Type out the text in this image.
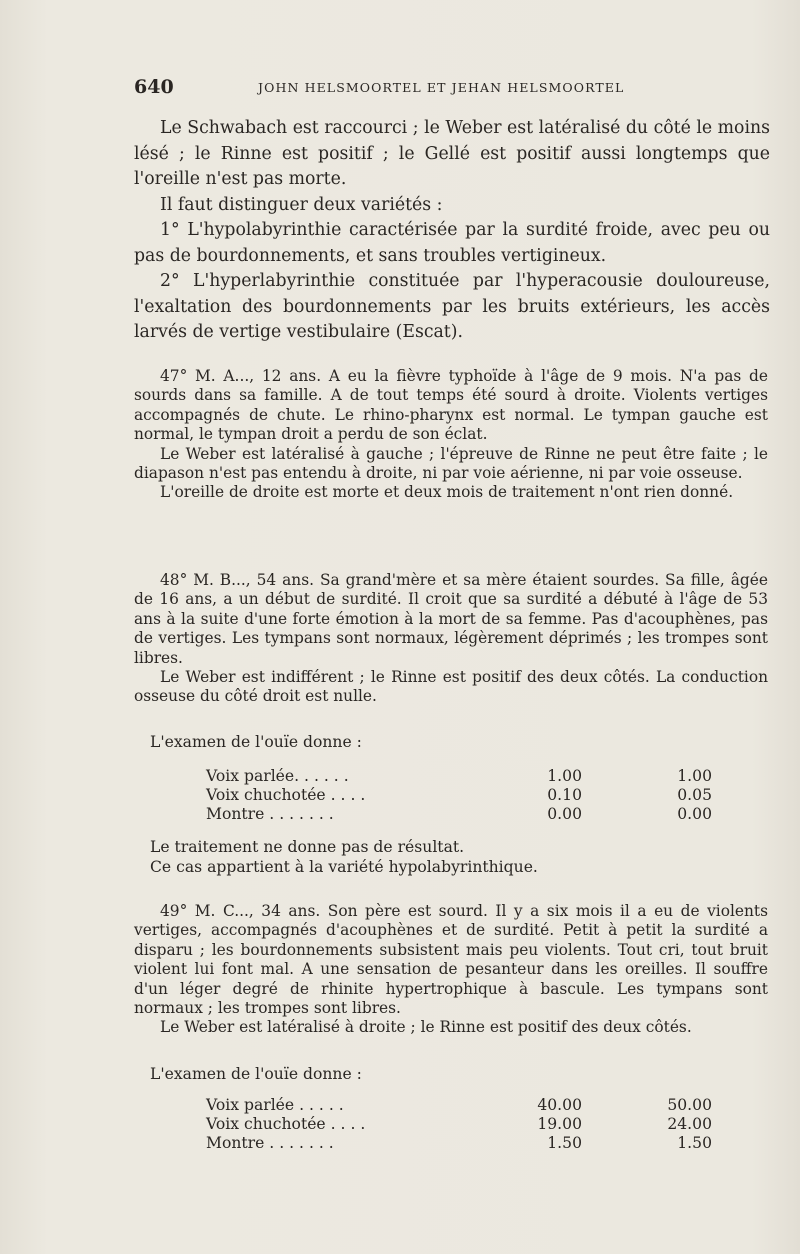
640	JOHN HELSMOORTEL ET JEHAN HELSMOORTEL

Le Schwabach est raccourci ; le Weber est latéralisé du côté le moins lésé ; le Rinne est positif ; le Gellé est positif aussi longtemps que l'oreille n'est pas morte.

Il faut distinguer deux variétés :

1° L'hypolabyrinthie caractérisée par la surdité froide, avec peu ou pas de bourdonnements, et sans troubles vertigineux.

2° L'hyperlabyrinthie constituée par l'hyperacousie douloureuse, l'exaltation des bourdonnements par les bruits extérieurs, les accès larvés de vertige vestibulaire (Escat).

47° M. A..., 12 ans. A eu la fièvre typhoïde à l'âge de 9 mois. N'a pas de sourds dans sa famille. A de tout temps été sourd à droite. Violents vertiges accompagnés de chute. Le rhino-pharynx est normal. Le tympan gauche est normal, le tympan droit a perdu de son éclat.

Le Weber est latéralisé à gauche ; l'épreuve de Rinne ne peut être faite ; le diapason n'est pas entendu à droite, ni par voie aérienne, ni par voie osseuse.

L'oreille de droite est morte et deux mois de traitement n'ont rien donné.

48° M. B..., 54 ans. Sa grand'mère et sa mère étaient sourdes. Sa fille, âgée de 16 ans, a un début de surdité. Il croit que sa surdité a débuté à l'âge de 53 ans à la suite d'une forte émotion à la mort de sa femme. Pas d'acouphènes, pas de vertiges. Les tympans sont normaux, légèrement déprimés ; les trompes sont libres.

Le Weber est indifférent ; le Rinne est positif des deux côtés. La conduction osseuse du côté droit est nulle.

L'examen de l'ouïe donne :
Voix parlée. . . . . .	1.00	1.00
Voix chuchotée . . . .	0.10	0.05
Montre . . . . . . .	0.00	0.00

Le traitement ne donne pas de résultat.

Ce cas appartient à la variété hypolabyrinthique.

49° M. C..., 34 ans. Son père est sourd. Il y a six mois il a eu de violents vertiges, accompagnés d'acouphènes et de surdité. Petit à petit la surdité a disparu ; les bourdonnements subsistent mais peu violents. Tout cri, tout bruit violent lui font mal. A une sensation de pesanteur dans les oreilles. Il souffre d'un léger degré de rhinite hypertrophique à bascule. Les tympans sont normaux ; les trompes sont libres.

Le Weber est latéralisé à droite ; le Rinne est positif des deux côtés.

L'examen de l'ouïe donne :
Voix parlée . . . . .	40.00	50.00
Voix chuchotée . . . .	19.00	24.00
Montre . . . . . . .	1.50	1.50
